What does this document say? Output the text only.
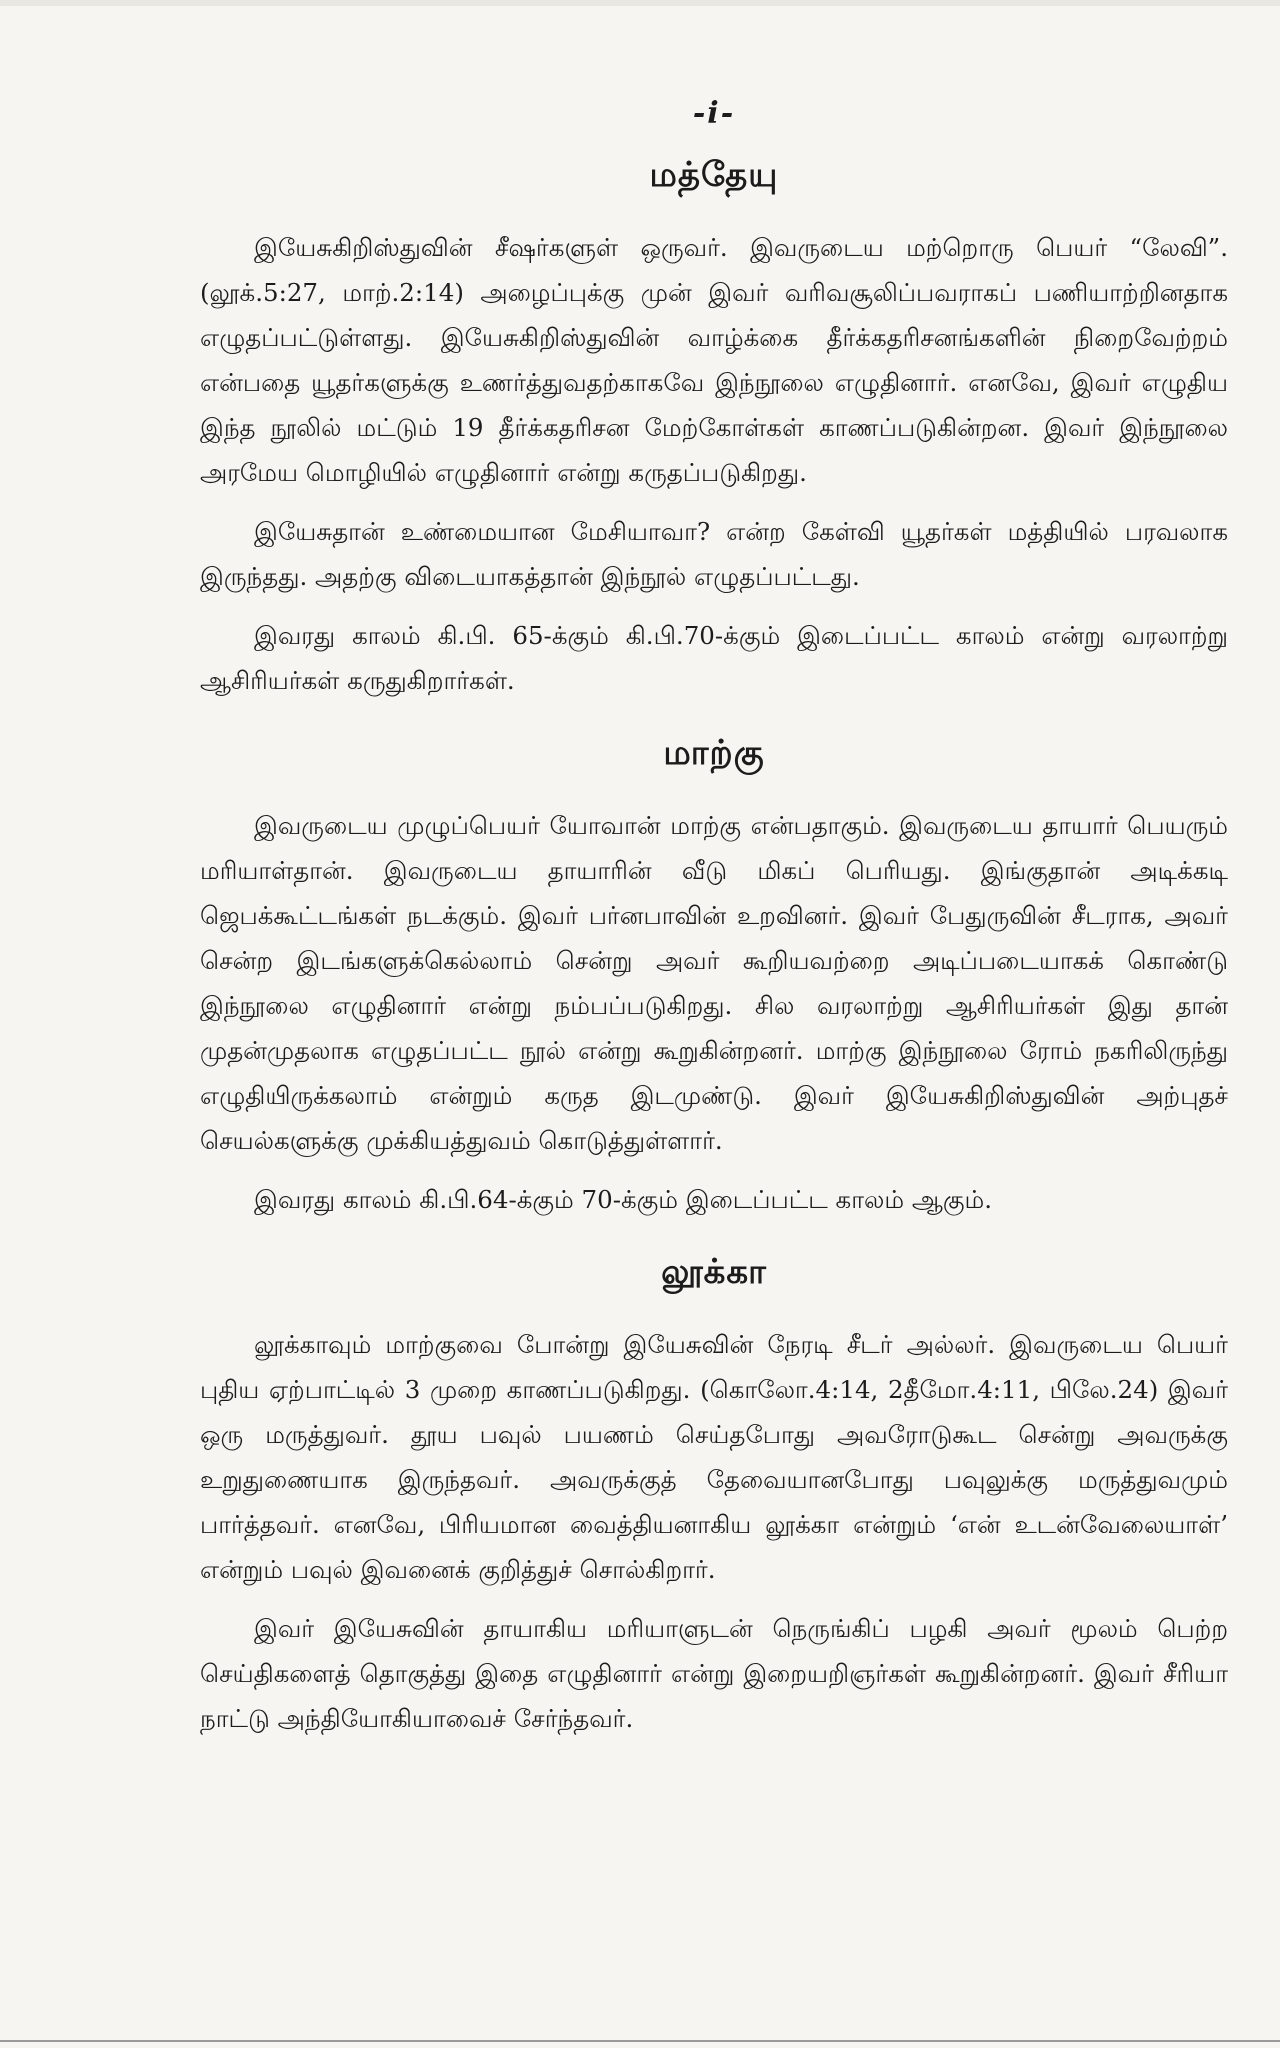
-i-
மத்தேயு

இயேசுகிறிஸ்துவின் சீஷர்களுள் ஒருவர். இவருடைய மற்றொரு பெயர் “லேவி”. (லூக்.5:27, மாற்.2:14) அழைப்புக்கு முன் இவர் வரிவசூலிப்பவராகப் பணியாற்றினதாக எழுதப்பட்டுள்ளது. இயேசுகிறிஸ்துவின் வாழ்க்கை தீர்க்கதரிசனங்களின் நிறைவேற்றம் என்பதை யூதர்களுக்கு உணர்த்துவதற்காகவே இந்நூலை எழுதினார். எனவே, இவர் எழுதிய இந்த நூலில் மட்டும் 19 தீர்க்கதரிசன மேற்கோள்கள் காணப்படுகின்றன. இவர் இந்நூலை அரமேய மொழியில் எழுதினார் என்று கருதப்படுகிறது.

இயேசுதான் உண்மையான மேசியாவா? என்ற கேள்வி யூதர்கள் மத்தியில் பரவலாக இருந்தது. அதற்கு விடையாகத்தான் இந்நூல் எழுதப்பட்டது.

இவரது காலம் கி.பி. 65-க்கும் கி.பி.70-க்கும் இடைப்பட்ட காலம் என்று வரலாற்று ஆசிரியர்கள் கருதுகிறார்கள்.

மாற்கு

இவருடைய முழுப்பெயர் யோவான் மாற்கு என்பதாகும். இவருடைய தாயார் பெயரும் மரியாள்தான். இவருடைய தாயாரின் வீடு மிகப் பெரியது. இங்குதான் அடிக்கடி ஜெபக்கூட்டங்கள் நடக்கும். இவர் பர்னபாவின் உறவினர். இவர் பேதுருவின் சீடராக, அவர் சென்ற இடங்களுக்கெல்லாம் சென்று அவர் கூறியவற்றை அடிப்படையாகக் கொண்டு இந்நூலை எழுதினார் என்று நம்பப்படுகிறது. சில வரலாற்று ஆசிரியர்கள் இது தான் முதன்முதலாக எழுதப்பட்ட நூல் என்று கூறுகின்றனர். மாற்கு இந்நூலை ரோம் நகரிலிருந்து எழுதியிருக்கலாம் என்றும் கருத இடமுண்டு. இவர் இயேசுகிறிஸ்துவின் அற்புதச் செயல்களுக்கு முக்கியத்துவம் கொடுத்துள்ளார்.

இவரது காலம் கி.பி.64-க்கும் 70-க்கும் இடைப்பட்ட காலம் ஆகும்.

லூக்கா

லூக்காவும் மாற்குவை போன்று இயேசுவின் நேரடி சீடர் அல்லர். இவருடைய பெயர் புதிய ஏற்பாட்டில் 3 முறை காணப்படுகிறது. (கொலோ.4:14, 2தீமோ.4:11, பிலே.24) இவர் ஒரு மருத்துவர். தூய பவுல் பயணம் செய்தபோது அவரோடுகூட சென்று அவருக்கு உறுதுணையாக இருந்தவர். அவருக்குத் தேவையானபோது பவுலுக்கு மருத்துவமும் பார்த்தவர். எனவே, பிரியமான வைத்தியனாகிய லூக்கா என்றும் ‘என் உடன்வேலையாள்’ என்றும் பவுல் இவனைக் குறித்துச் சொல்கிறார்.

இவர் இயேசுவின் தாயாகிய மரியாளுடன் நெருங்கிப் பழகி அவர் மூலம் பெற்ற செய்திகளைத் தொகுத்து இதை எழுதினார் என்று இறையறிஞர்கள் கூறுகின்றனர். இவர் சீரியா நாட்டு அந்தியோகியாவைச் சேர்ந்தவர்.
